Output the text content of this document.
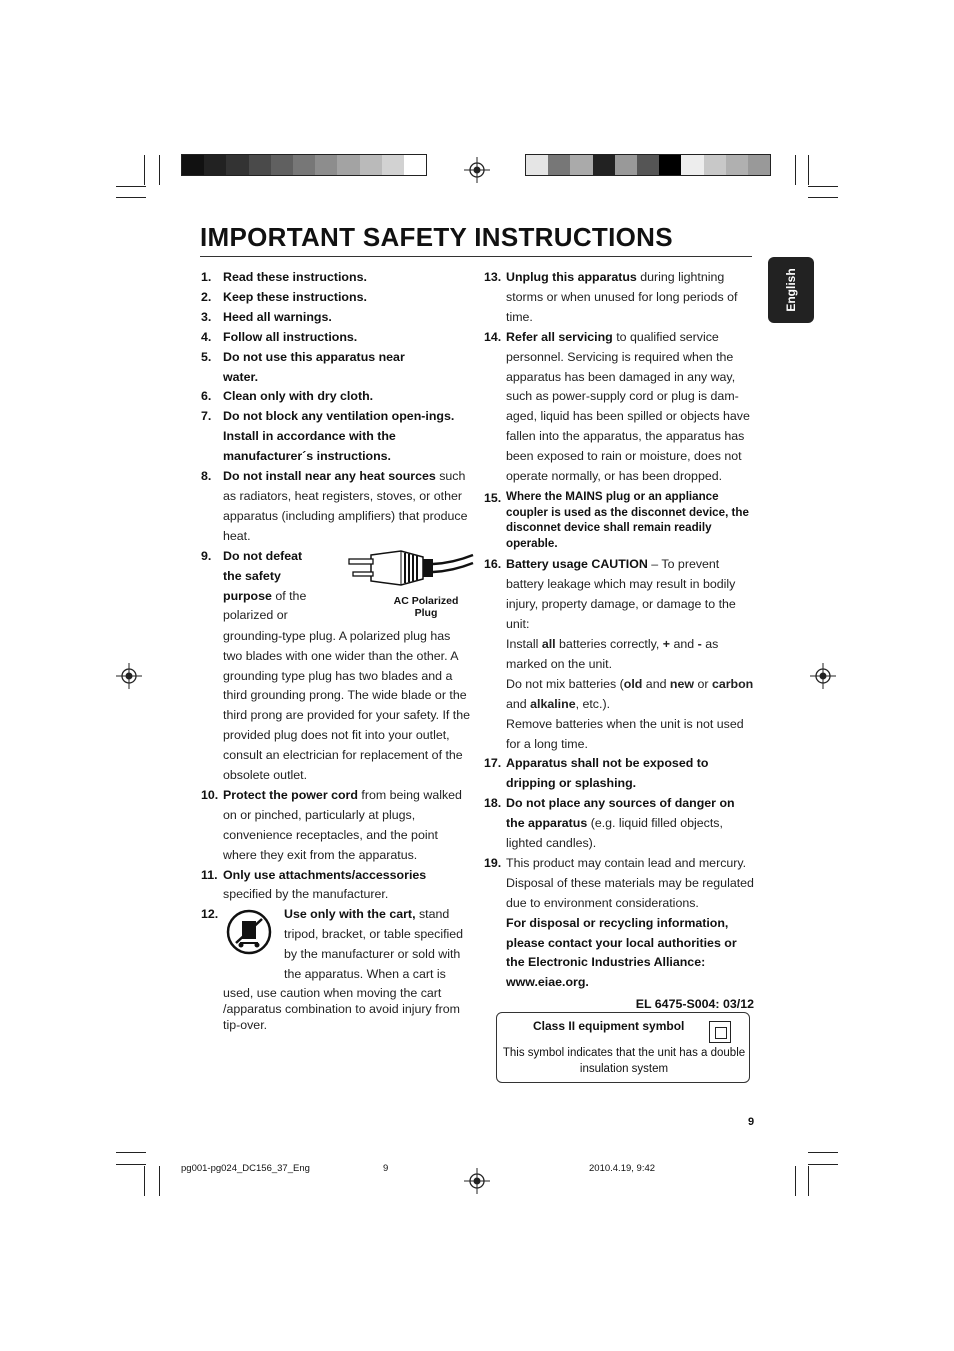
IMPORTANT SAFETY INSTRUCTIONS
English
1. Read these instructions.
2. Keep these instructions.
3. Heed all warnings.
4. Follow all instructions.
5. Do not use this apparatus near water.
6. Clean only with dry cloth.
7. Do not block any ventilation open-ings. Install in accordance with the manufacturer´s instructions.
8. Do not install near any heat sources such as radiators, heat registers, stoves, or other apparatus (including amplifiers) that produce heat.
9. Do not defeat the safety purpose of the polarized or
AC Polarized Plug
grounding-type plug. A polarized plug has two blades with one wider than the other. A grounding type plug has two blades and a third grounding prong. The wide blade or the third prong are provided for your safety. If the provided plug does not fit into your outlet, consult an electrician for replacement of the obsolete outlet.
10. Protect the power cord from being walked on or pinched, particularly at plugs, convenience receptacles, and the point where they exit from the apparatus.
11. Only use attachments/accessories specified by the manufacturer.
12.	Use only with the cart, stand tripod, bracket, or table specified by the manufacturer or sold with the apparatus. When a cart is
used, use caution when moving the cart /apparatus combination to avoid injury from tip-over.
13. Unplug this apparatus during lightning storms or when unused for long periods of time.
14. Refer all servicing to qualified service personnel. Servicing is required when the apparatus has been damaged in any way, such as power-supply cord or plug is dam-aged, liquid has been spilled or objects have fallen into the apparatus, the apparatus has been exposed to rain or moisture, does not operate normally, or has been dropped.
15. Where the MAINS plug or an appliance coupler is used as the disconnet device, the disconnet device shall remain readily operable.
16. Battery usage CAUTION – To prevent battery leakage which may result in bodily injury, property damage, or damage to the unit:
Install all batteries correctly, + and - as marked on the unit.
Do not mix batteries (old and new or carbon and alkaline, etc.).
Remove batteries when the unit is not used for a long time.
17. Apparatus shall not be exposed to dripping or splashing.
18. Do not place any sources of danger on the apparatus (e.g. liquid filled objects, lighted candles).
19. This product may contain lead and mercury. Disposal of these materials may be regulated due to environment considerations.
For disposal or recycling information, please contact your local authorities or the Electronic Industries Alliance: www.eiae.org.
EL 6475-S004: 03/12
Class II equipment symbol
This symbol indicates that the unit has a double insulation system
9
pg001-pg024_DC156_37_Eng	9	2010.4.19, 9:42
